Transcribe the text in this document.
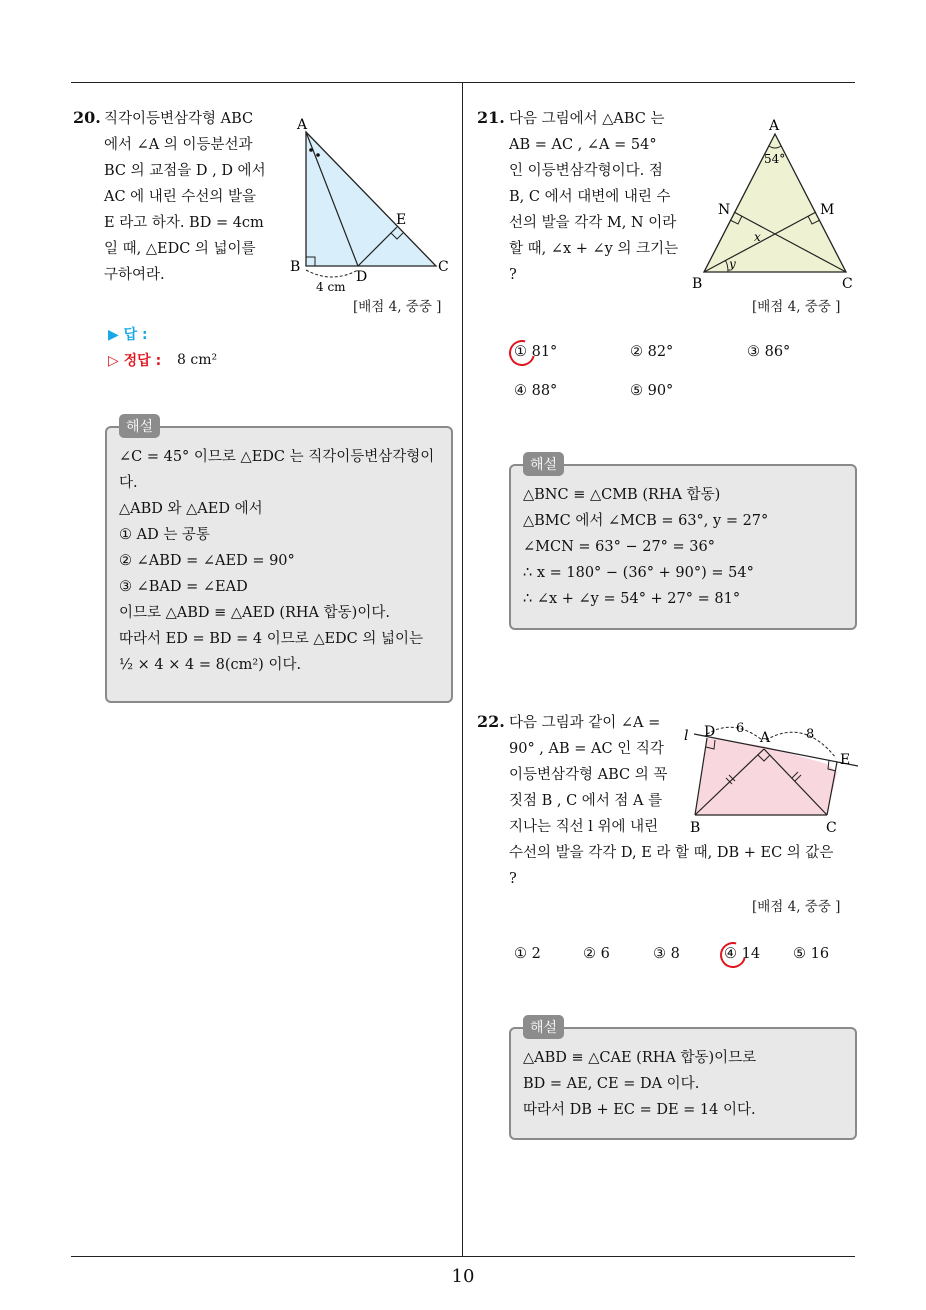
10
20. 직각이등변삼각형 ABC
에서 ∠A 의 이등분선과
BC 의 교점을 D , D 에서
AC 에 내린 수선의 발을
E 라고 하자. BD = 4cm
일 때, △EDC 의 넓이를
구하여라.
A
B	C
D
E
4 cm
[배점 4, 중중 ]
▶ 답 :
▷ 정답 : 8 cm²
∠C = 45° 이므로 △EDC 는 직각이등변삼각형이
다.
△ABD 와 △AED 에서
① AD 는 공통
② ∠ABD = ∠AED = 90°
③ ∠BAD = ∠EAD
이므로 △ABD ≡ △AED (RHA 합동)이다.
따라서 ED = BD = 4 이므로 △EDC 의 넓이는
½ × 4 × 4 = 8(cm²) 이다.
해설
21. 다음 그림에서 △ABC 는
AB = AC , ∠A = 54°
인 이등변삼각형이다. 점
B, C 에서 대변에 내린 수
선의 발을 각각 M, N 이라
할 때, ∠x + ∠y 의 크기는
?
A
B	C
M
N
54°
x
y
[배점 4, 중중 ]
① 81°	② 82°	③ 86°
④ 88°	⑤ 90°
△BNC ≡ △CMB (RHA 합동)
△BMC 에서 ∠MCB = 63°, y = 27°
∠MCN = 63° − 27° = 36°
∴ x = 180° − (36° + 90°) = 54°
∴ ∠x + ∠y = 54° + 27° = 81°
해설
22. 다음 그림과 같이 ∠A =
90° , AB = AC 인 직각
이등변삼각형 ABC 의 꼭
짓점 B , C 에서 점 A 를
지나는 직선 l 위에 내린
수선의 발을 각각 D, E 라 할 때, DB + EC 의 값은
?
l D	A
E
B	C
6	8
[배점 4, 중중 ]
① 2	② 6	③ 8	④ 14 ⑤ 16
△ABD ≡ △CAE (RHA 합동)이므로
BD = AE, CE = DA 이다.
따라서 DB + EC = DE = 14 이다.
해설
